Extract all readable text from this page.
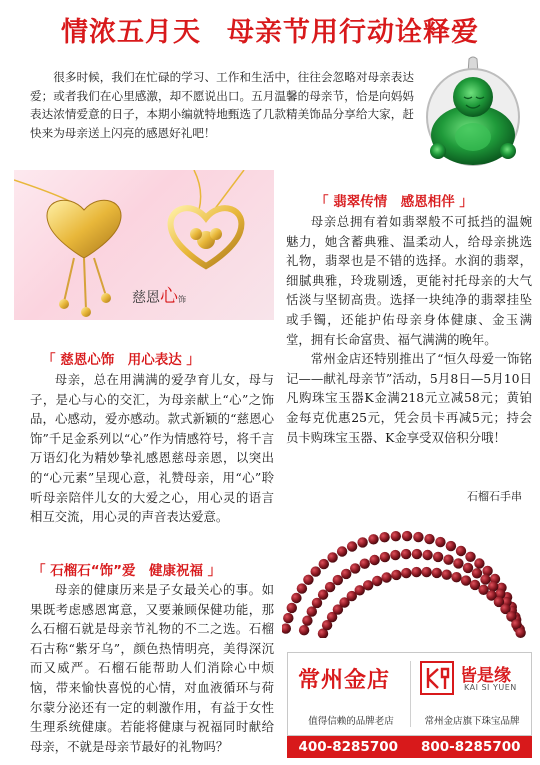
情浓五月天 母亲节用行动诠释爱
很多时候，我们在忙碌的学习、工作和生活中，往往会忽略对母亲表达爱；或者我们在心里感激，却不愿说出口。五月温馨的母亲节，恰是向妈妈表达浓情爱意的日子，本期小编就特地甄选了几款精美饰品分享给大家，赶快来为母亲送上闪亮的感恩好礼吧！
慈恩心饰
「 翡翠传情　感恩相伴 」

母亲总拥有着如翡翠般不可抵挡的温婉魅力，她含蓄典雅、温柔动人，给母亲挑选礼物，翡翠也是不错的选择。水润的翡翠，细腻典雅，玲珑剔透，更能衬托母亲的大气恬淡与坚韧高贵。选择一块纯净的翡翠挂坠或手镯，还能护佑母亲身体健康、金玉满堂，拥有长命富贵、福气满满的晚年。

常州金店还特别推出了“恒久母爱一饰铭记——献礼母亲节”活动，5月8日—5月10日凡购珠宝玉器K金满218元立减58元；黄铂金每克优惠25元，凭会员卡再减5元；持会员卡购珠宝玉器、K金享受双倍积分哦！

「 慈恩心饰　用心表达 」
母亲，总在用满满的爱孕育儿女，母与子，是心与心的交汇，为母亲献上“心”之饰品，心感动，爱亦感动。款式新颖的“慈恩心饰”千足金系列以“心”作为情感符号，将千言万语幻化为精妙挚礼感恩慈母亲恩，以突出的“心元素”呈现心意，礼赞母亲，用“心”聆听母亲陪伴儿女的大爱之心，用心灵的语言相互交流，用心灵的声音表达爱意。
「 石榴石“饰”爱　健康祝福 」
母亲的健康历来是子女最关心的事。如果既考虑感恩寓意，又要兼顾保健功能，那么石榴石就是母亲节礼物的不二之选。石榴石古称“紫牙乌”，颜色热情明亮，美得深沉而又威严。石榴石能帮助人们消除心中烦恼，带来愉快喜悦的心情，对血液循环与荷尔蒙分泌还有一定的刺激作用，有益于女性生理系统健康。若能将健康与祝福同时献给母亲，不就是母亲节最好的礼物吗？
石榴石手串
常州金店
值得信赖的品牌老店
皆是缘
KAI SI YUEN
常州金店旗下珠宝品牌
400-8285700 800-8285700
